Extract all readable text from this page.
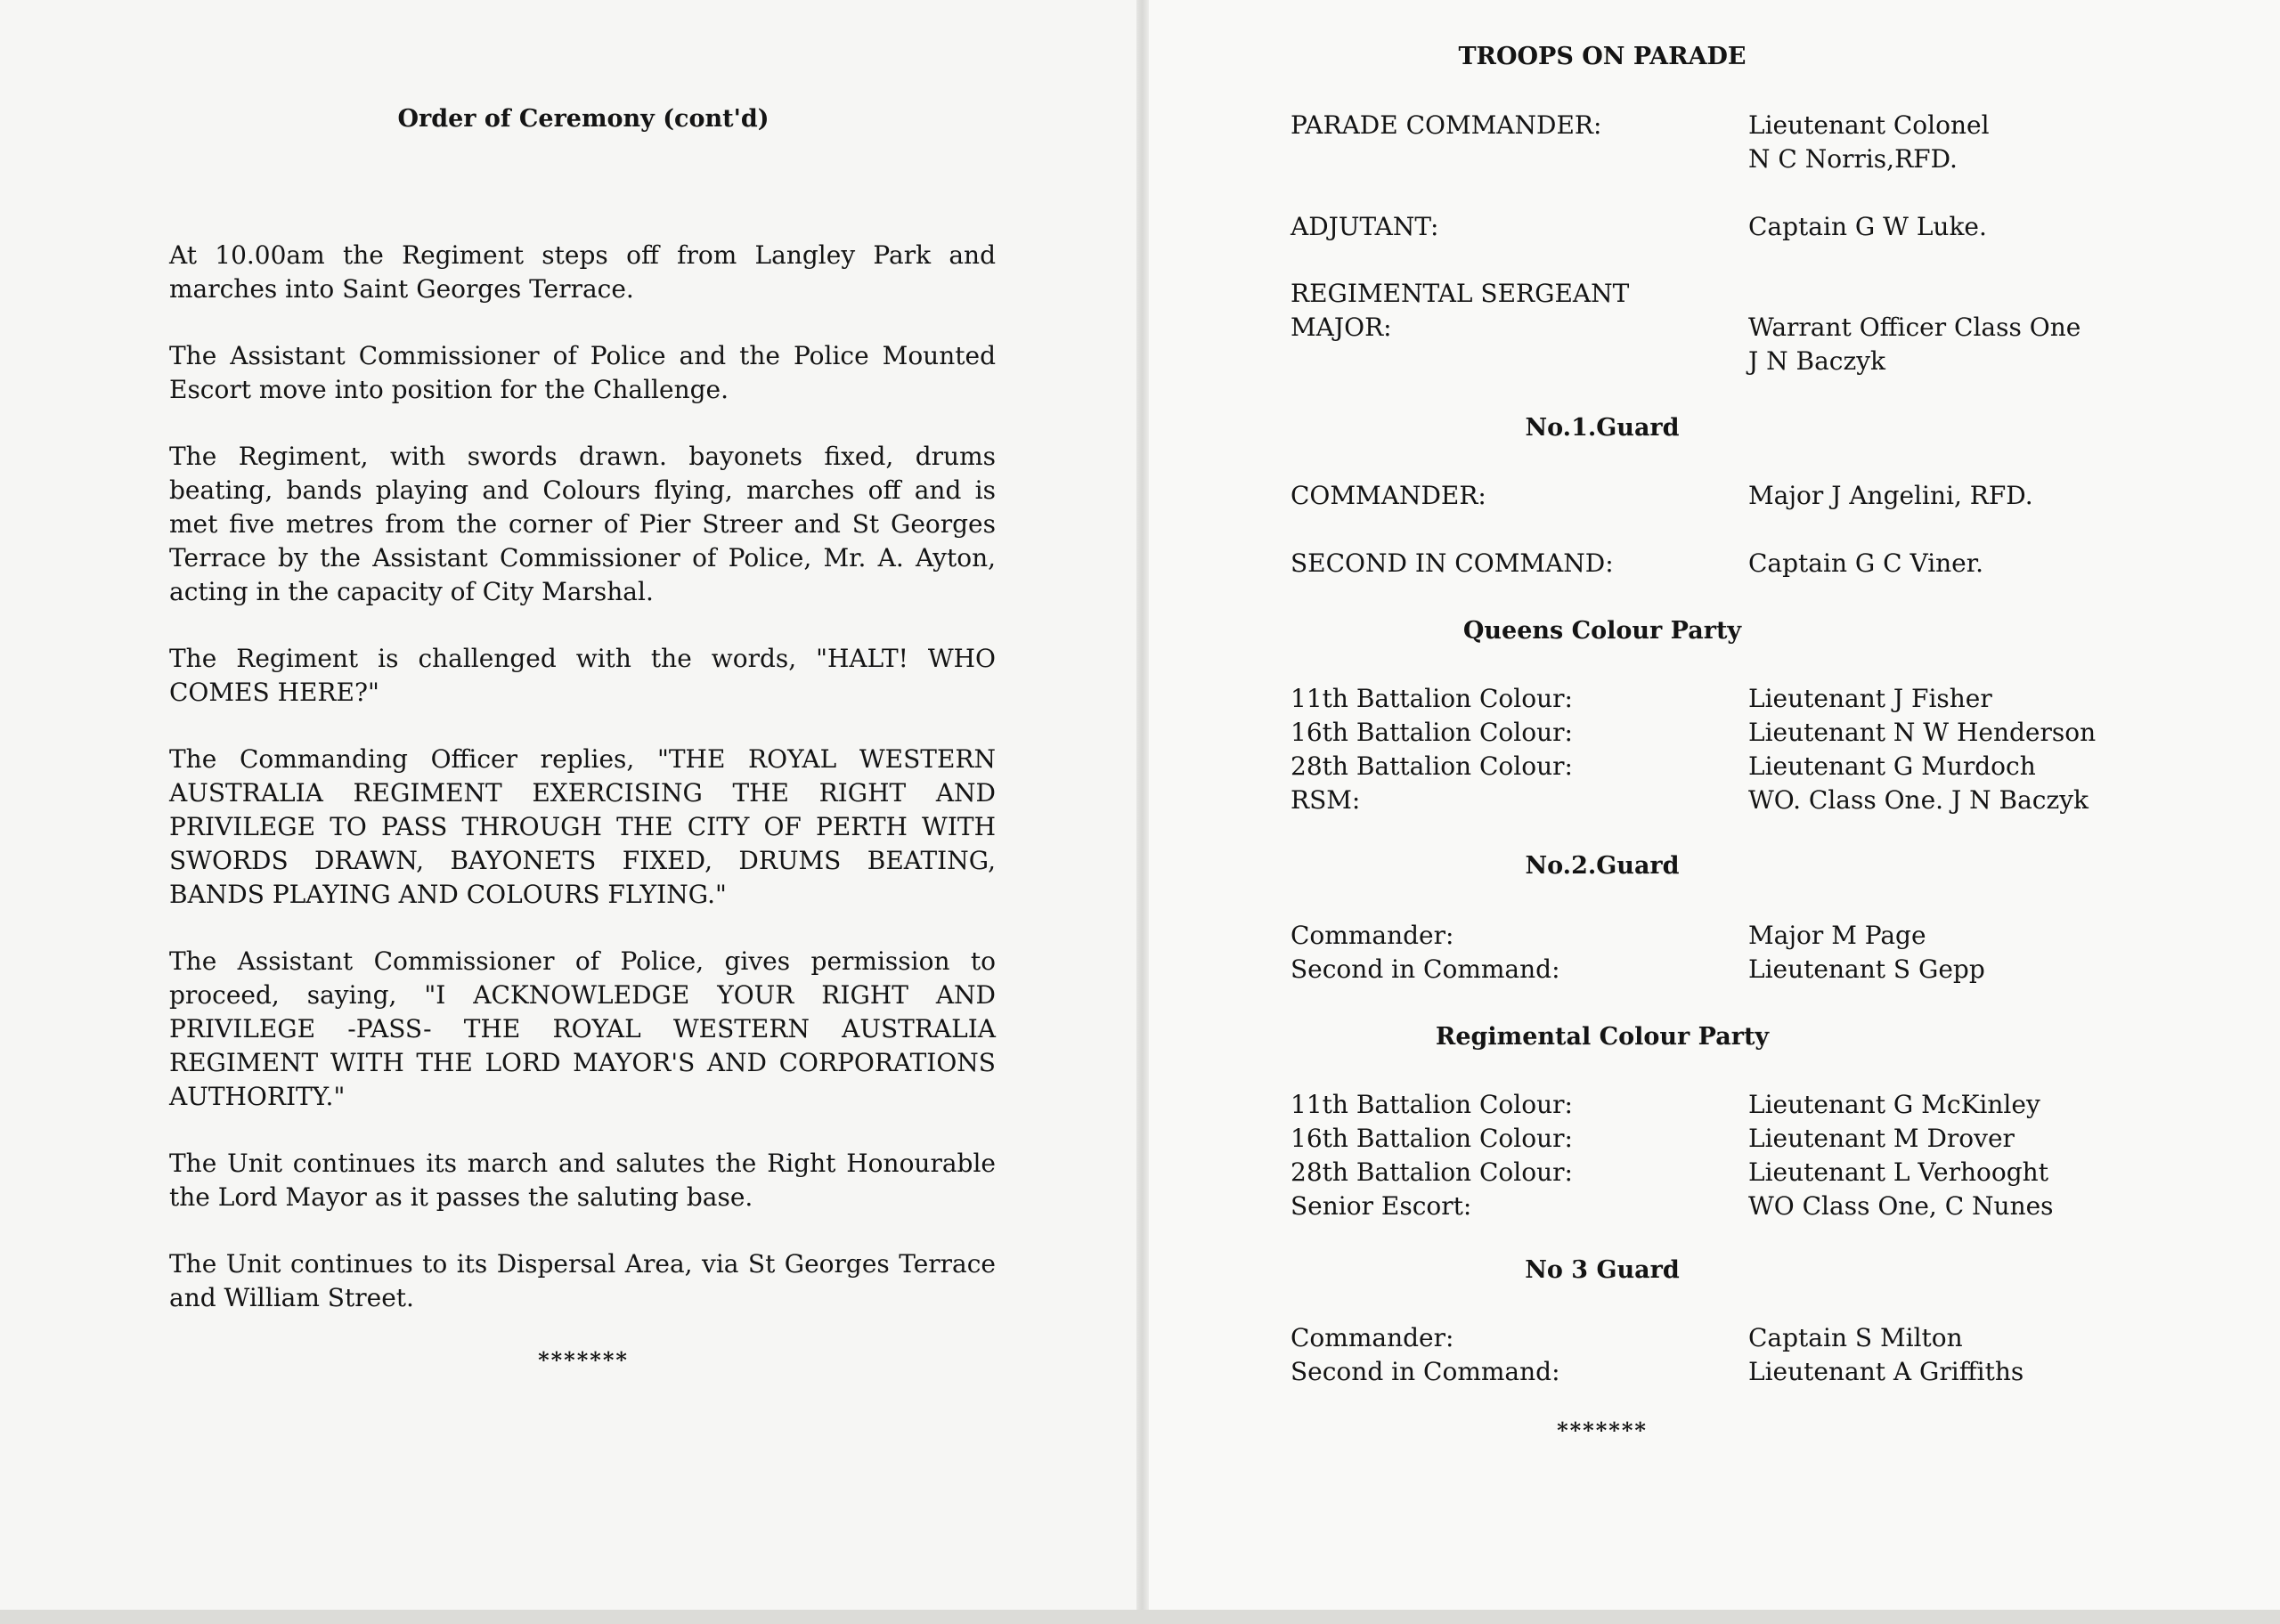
Order of Ceremony (cont'd)

At 10.00am the Regiment steps off from Langley Park and marches into Saint Georges Terrace.

The Assistant Commissioner of Police and the Police Mounted Escort move into position for the Challenge.

The Regiment, with swords drawn. bayonets fixed, drums beating, bands playing and Colours flying, marches off and is met five metres from the corner of Pier Streer and St Georges Terrace by the Assistant Commissioner of Police, Mr. A. Ayton, acting in the capacity of City Marshal.

The Regiment is challenged with the words, "HALT! WHO COMES HERE?"

The Commanding Officer replies, "THE ROYAL WESTERN AUSTRALIA REGIMENT EXERCISING THE RIGHT AND PRIVILEGE TO PASS THROUGH THE CITY OF PERTH WITH SWORDS DRAWN, BAYONETS FIXED, DRUMS BEATING, BANDS PLAYING AND COLOURS FLYING."

The Assistant Commissioner of Police, gives permission to proceed, saying, "I ACKNOWLEDGE YOUR RIGHT AND PRIVILEGE -PASS- THE ROYAL WESTERN AUSTRALIA REGIMENT WITH THE LORD MAYOR'S AND CORPORATIONS AUTHORITY."

The Unit continues its march and salutes the Right Honourable the Lord Mayor as it passes the saluting base.

The Unit continues to its Dispersal Area, via St Georges Terrace and William Street.

*******
TROOPS ON PARADE
PARADE COMMANDER:	Lieutenant Colonel
N C Norris,RFD.
ADJUTANT:	Captain G W Luke.
REGIMENTAL SERGEANT
MAJOR:	Warrant Officer Class One
J N Baczyk
No.1.Guard
COMMANDER:	Major J Angelini, RFD.
SECOND IN COMMAND:	Captain G C Viner.
Queens Colour Party
11th Battalion Colour:	Lieutenant J Fisher
16th Battalion Colour:	Lieutenant N W Henderson
28th Battalion Colour:	Lieutenant G Murdoch
RSM:	WO. Class One. J N Baczyk
No.2.Guard
Commander:	Major M Page
Second in Command:	Lieutenant S Gepp
Regimental Colour Party
11th Battalion Colour:	Lieutenant G McKinley
16th Battalion Colour:	Lieutenant M Drover
28th Battalion Colour:	Lieutenant L Verhooght
Senior Escort:	WO Class One, C Nunes
No 3 Guard
Commander:	Captain S Milton
Second in Command:	Lieutenant A Griffiths
*******
